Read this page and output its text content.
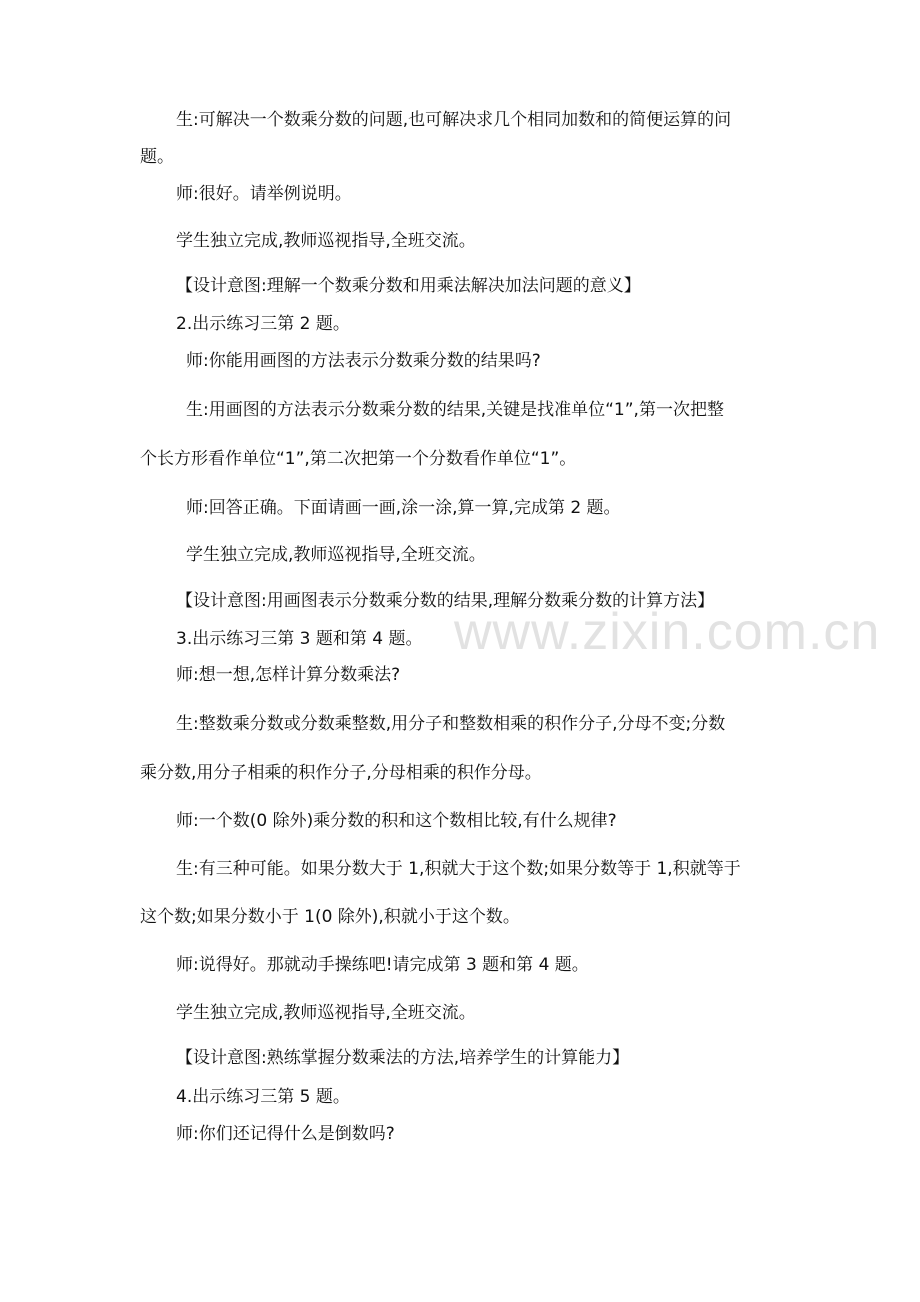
www.zixin.com.cn
生:可解决一个数乘分数的问题,也可解决求几个相同加数和的简便运算的问
题。
师:很好。请举例说明。
学生独立完成,教师巡视指导,全班交流。
【设计意图:理解一个数乘分数和用乘法解决加法问题的意义】
2.出示练习三第 2 题。
师:你能用画图的方法表示分数乘分数的结果吗?
生:用画图的方法表示分数乘分数的结果,关键是找准单位“1”,第一次把整
个长方形看作单位“1”,第二次把第一个分数看作单位“1”。
师:回答正确。下面请画一画,涂一涂,算一算,完成第 2 题。
学生独立完成,教师巡视指导,全班交流。
【设计意图:用画图表示分数乘分数的结果,理解分数乘分数的计算方法】
3.出示练习三第 3 题和第 4 题。
师:想一想,怎样计算分数乘法?
生:整数乘分数或分数乘整数,用分子和整数相乘的积作分子,分母不变;分数
乘分数,用分子相乘的积作分子,分母相乘的积作分母。
师:一个数(0 除外)乘分数的积和这个数相比较,有什么规律?
生:有三种可能。如果分数大于 1,积就大于这个数;如果分数等于 1,积就等于
这个数;如果分数小于 1(0 除外),积就小于这个数。
师:说得好。那就动手操练吧!请完成第 3 题和第 4 题。
学生独立完成,教师巡视指导,全班交流。
【设计意图:熟练掌握分数乘法的方法,培养学生的计算能力】
4.出示练习三第 5 题。
师:你们还记得什么是倒数吗?
